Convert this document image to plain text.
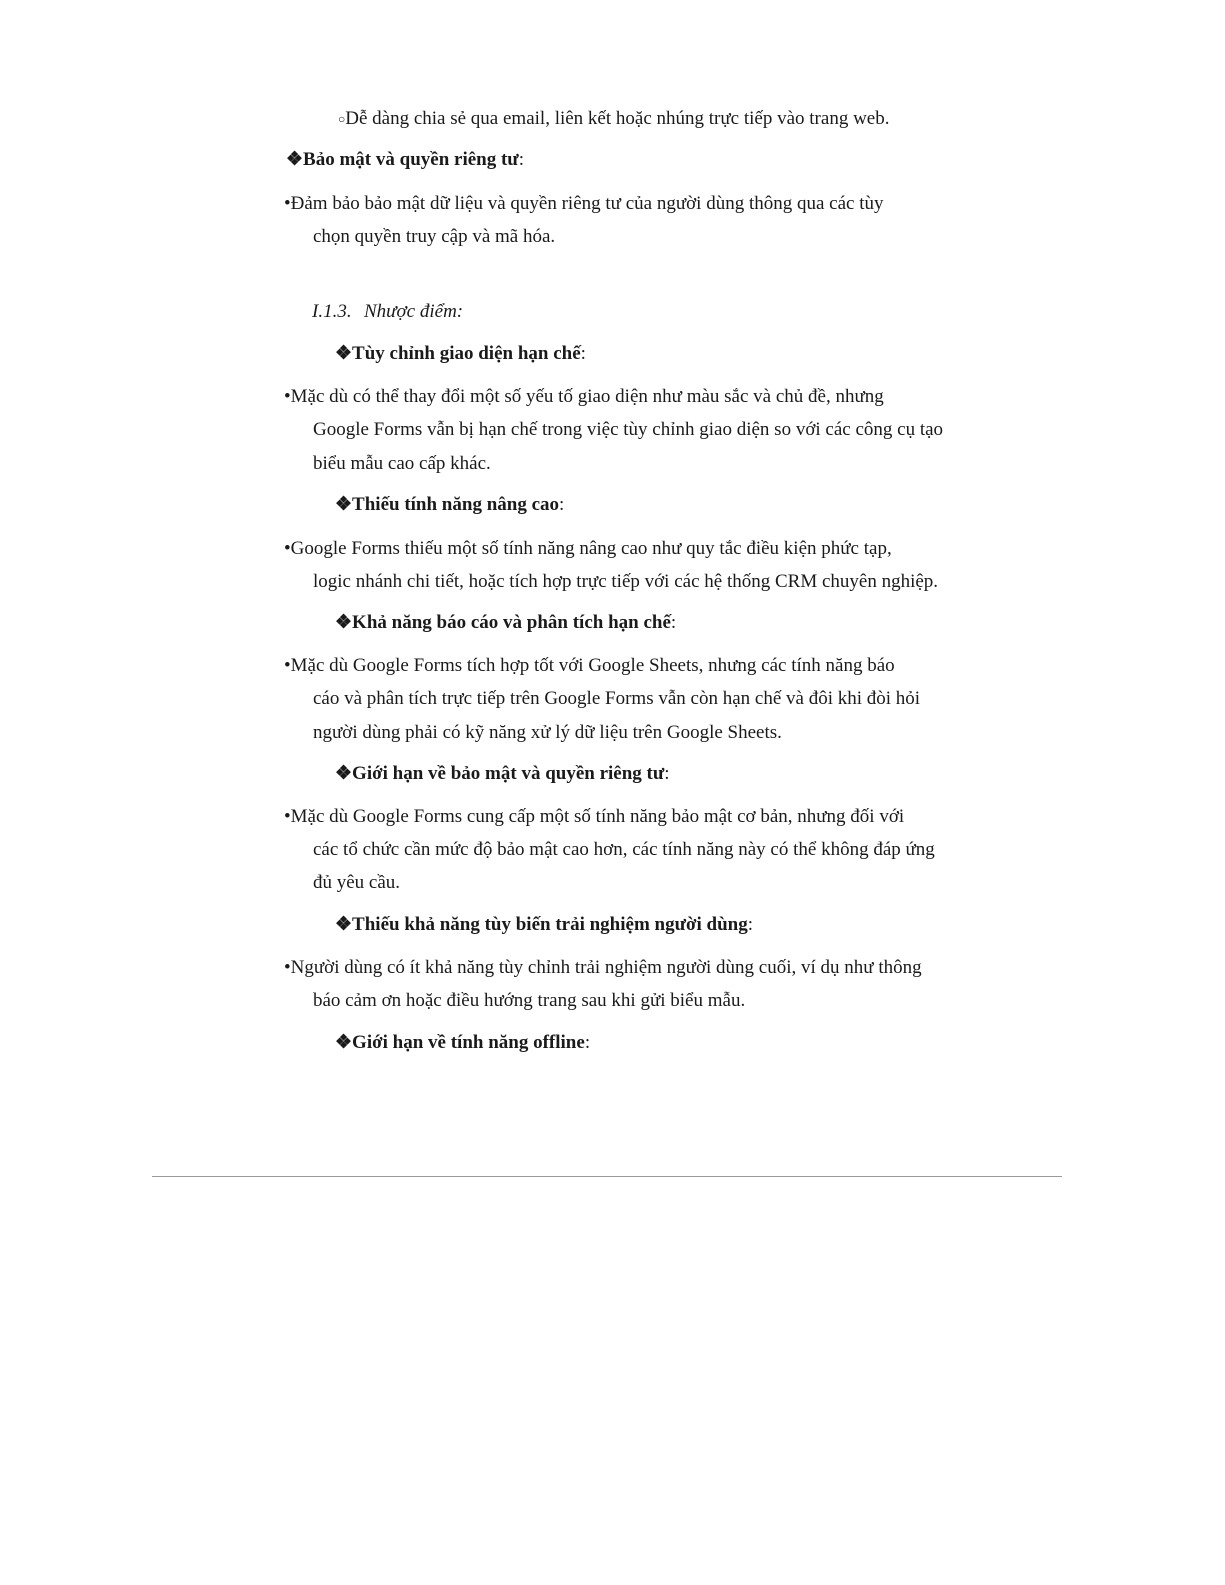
○Dễ dàng chia sẻ qua email, liên kết hoặc nhúng trực tiếp vào trang web.
❖Bảo mật và quyền riêng tư:
•Đảm bảo bảo mật dữ liệu và quyền riêng tư của người dùng thông qua các tùy
chọn quyền truy cập và mã hóa.
I.1.3. Nhược điểm:
❖Tùy chỉnh giao diện hạn chế:
•Mặc dù có thể thay đổi một số yếu tố giao diện như màu sắc và chủ đề, nhưng
Google Forms vẫn bị hạn chế trong việc tùy chỉnh giao diện so với các công cụ tạo
biểu mẫu cao cấp khác.
❖Thiếu tính năng nâng cao:
•Google Forms thiếu một số tính năng nâng cao như quy tắc điều kiện phức tạp,
logic nhánh chi tiết, hoặc tích hợp trực tiếp với các hệ thống CRM chuyên nghiệp.
❖Khả năng báo cáo và phân tích hạn chế:
•Mặc dù Google Forms tích hợp tốt với Google Sheets, nhưng các tính năng báo
cáo và phân tích trực tiếp trên Google Forms vẫn còn hạn chế và đôi khi đòi hỏi
người dùng phải có kỹ năng xử lý dữ liệu trên Google Sheets.
❖Giới hạn về bảo mật và quyền riêng tư:
•Mặc dù Google Forms cung cấp một số tính năng bảo mật cơ bản, nhưng đối với
các tổ chức cần mức độ bảo mật cao hơn, các tính năng này có thể không đáp ứng
đủ yêu cầu.
❖Thiếu khả năng tùy biến trải nghiệm người dùng:
•Người dùng có ít khả năng tùy chỉnh trải nghiệm người dùng cuối, ví dụ như thông
báo cảm ơn hoặc điều hướng trang sau khi gửi biểu mẫu.
❖Giới hạn về tính năng offline:
